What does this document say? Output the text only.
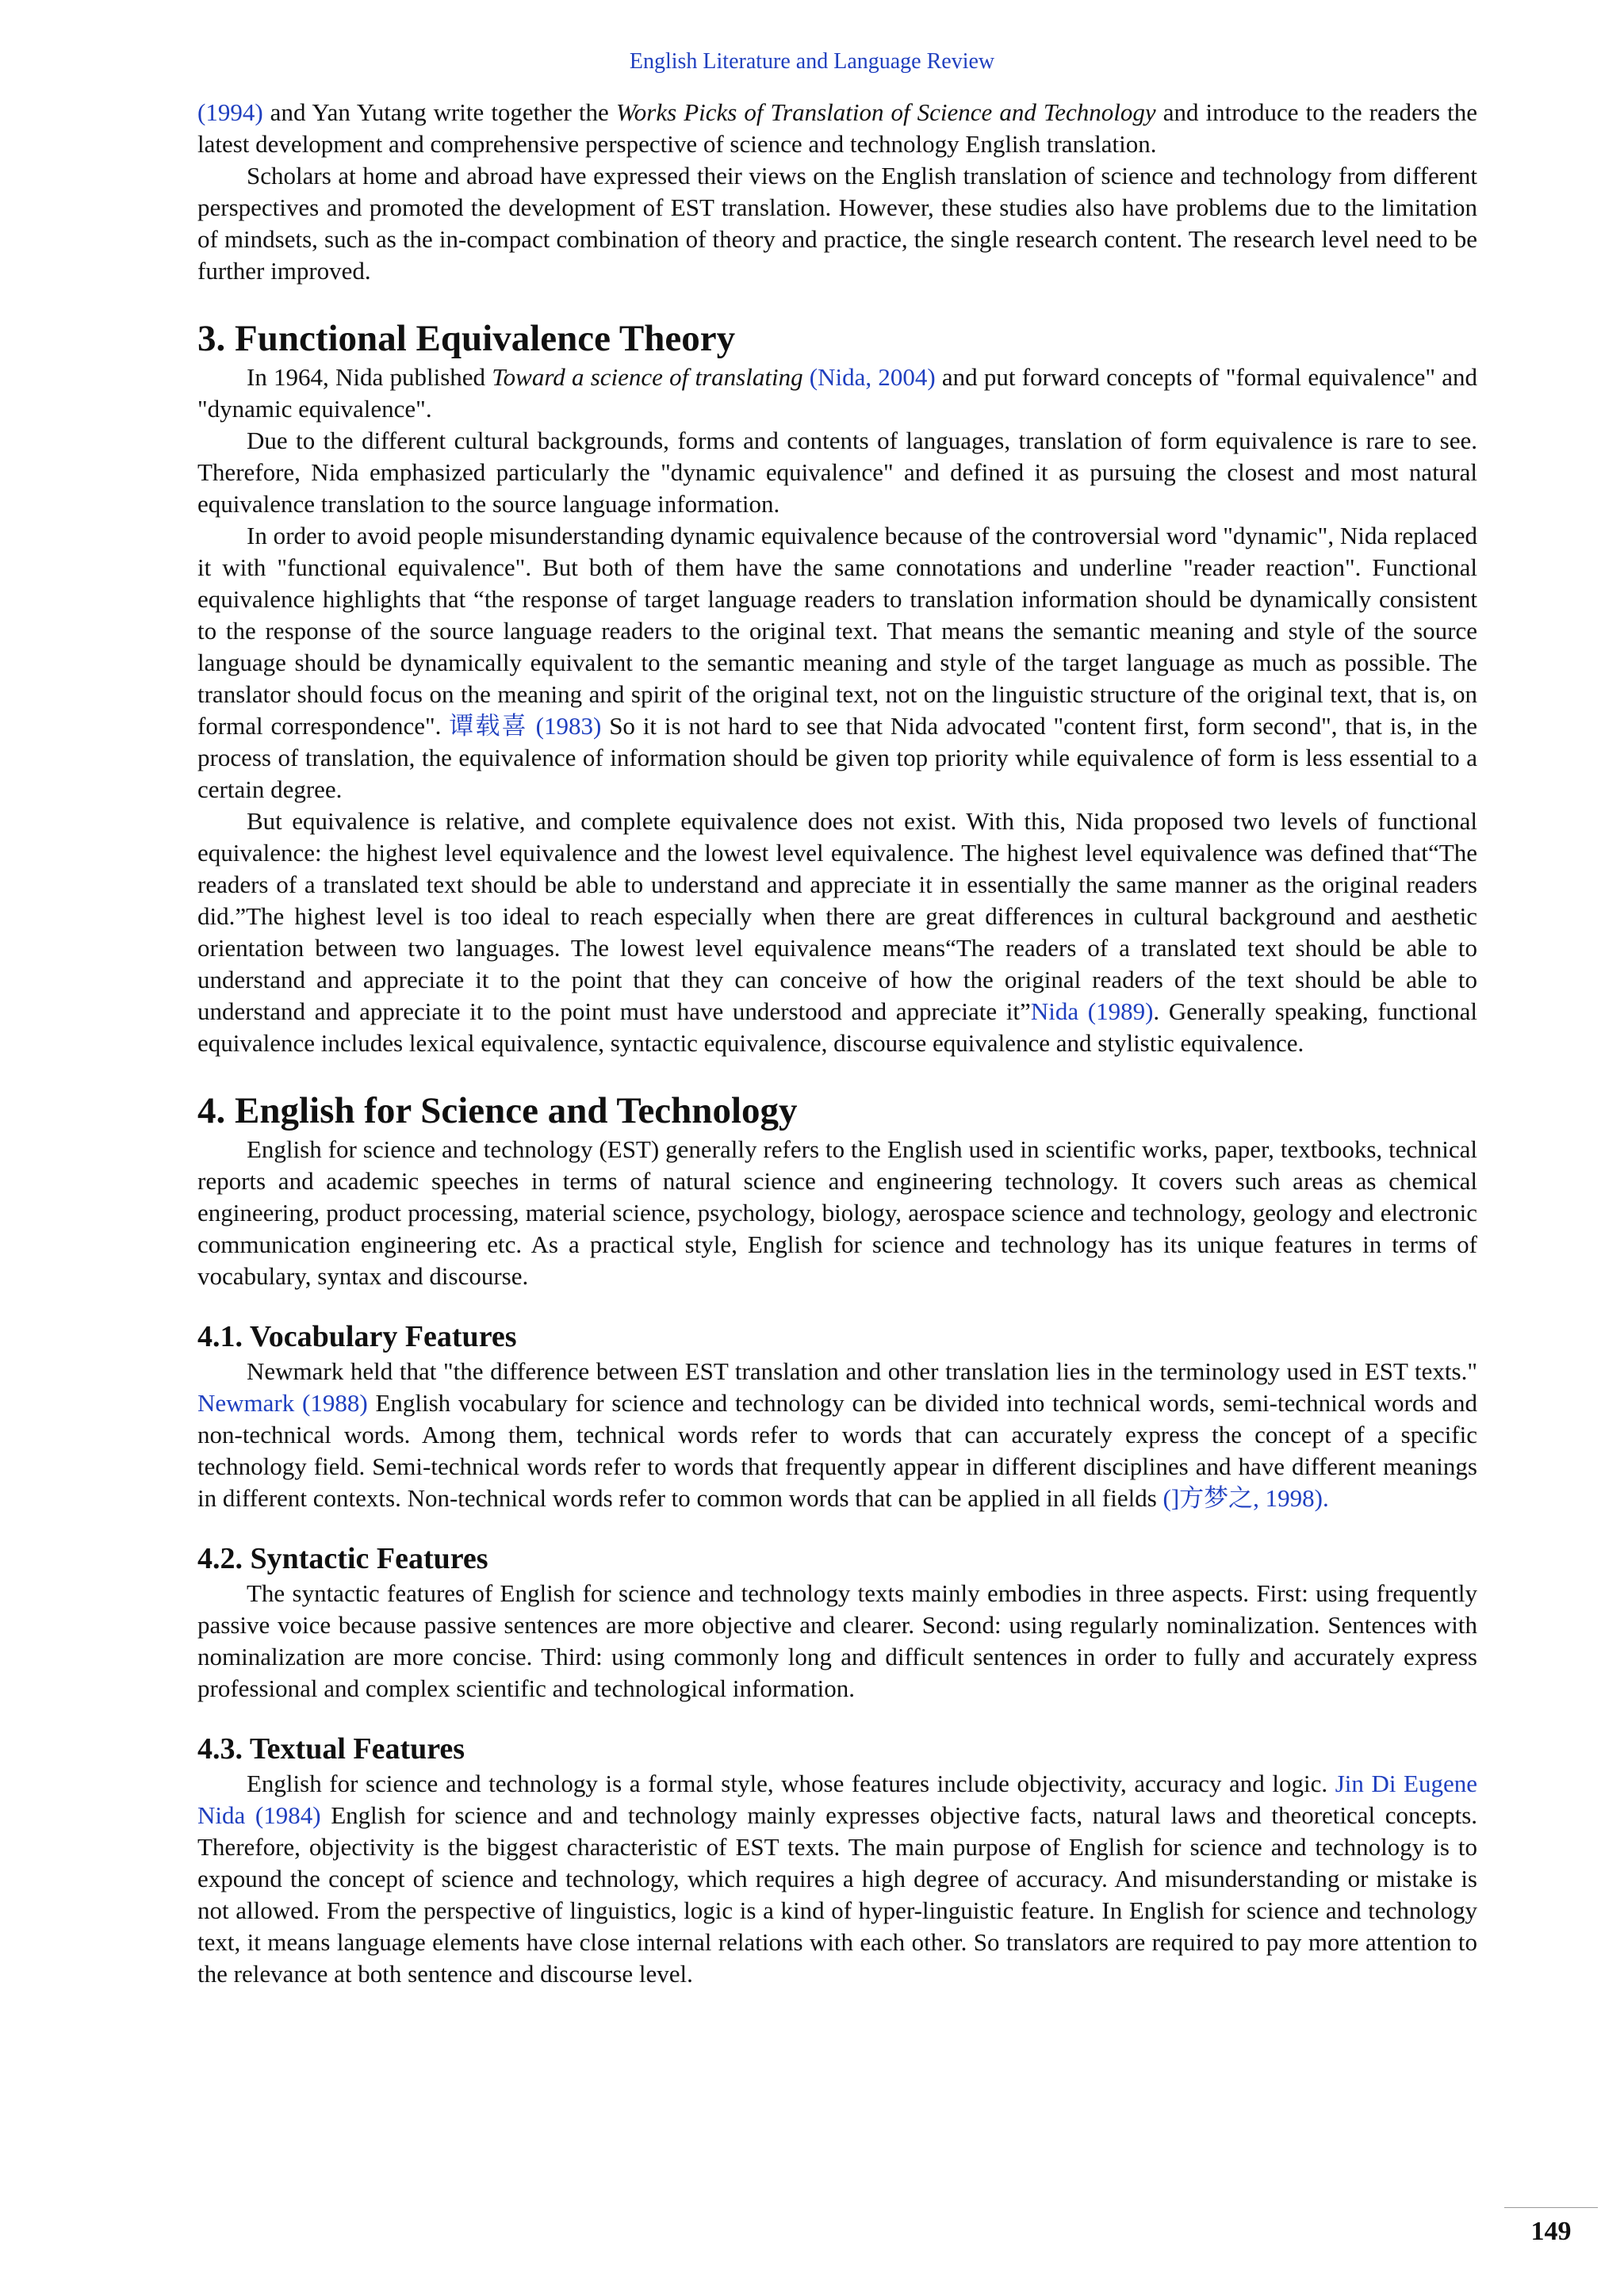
English Literature and Language Review

(1994) and Yan Yutang write together the Works Picks of Translation of Science and Technology and introduce to the readers the latest development and comprehensive perspective of science and technology English translation.

Scholars at home and abroad have expressed their views on the English translation of science and technology from different perspectives and promoted the development of EST translation. However, these studies also have problems due to the limitation of mindsets, such as the in-compact combination of theory and practice, the single research content. The research level need to be further improved.

3. Functional Equivalence Theory

In 1964, Nida published Toward a science of translating (Nida, 2004) and put forward concepts of "formal equivalence" and "dynamic equivalence".

Due to the different cultural backgrounds, forms and contents of languages, translation of form equivalence is rare to see. Therefore, Nida emphasized particularly the "dynamic equivalence" and defined it as pursuing the closest and most natural equivalence translation to the source language information.

In order to avoid people misunderstanding dynamic equivalence because of the controversial word "dynamic", Nida replaced it with "functional equivalence". But both of them have the same connotations and underline "reader reaction". Functional equivalence highlights that “the response of target language readers to translation information should be dynamically consistent to the response of the source language readers to the original text. That means the semantic meaning and style of the source language should be dynamically equivalent to the semantic meaning and style of the target language as much as possible. The translator should focus on the meaning and spirit of the original text, not on the linguistic structure of the original text, that is, on formal correspondence". 谭载喜 (1983) So it is not hard to see that Nida advocated "content first, form second", that is, in the process of translation, the equivalence of information should be given top priority while equivalence of form is less essential to a certain degree.

But equivalence is relative, and complete equivalence does not exist. With this, Nida proposed two levels of functional equivalence: the highest level equivalence and the lowest level equivalence. The highest level equivalence was defined that“The readers of a translated text should be able to understand and appreciate it in essentially the same manner as the original readers did.”The highest level is too ideal to reach especially when there are great differences in cultural background and aesthetic orientation between two languages. The lowest level equivalence means“The readers of a translated text should be able to understand and appreciate it to the point that they can conceive of how the original readers of the text should be able to understand and appreciate it to the point must have understood and appreciate it”Nida (1989). Generally speaking, functional equivalence includes lexical equivalence, syntactic equivalence, discourse equivalence and stylistic equivalence.

4. English for Science and Technology

English for science and technology (EST) generally refers to the English used in scientific works, paper, textbooks, technical reports and academic speeches in terms of natural science and engineering technology. It covers such areas as chemical engineering, product processing, material science, psychology, biology, aerospace science and technology, geology and electronic communication engineering etc. As a practical style, English for science and technology has its unique features in terms of vocabulary, syntax and discourse.

4.1. Vocabulary Features

Newmark held that "the difference between EST translation and other translation lies in the terminology used in EST texts." Newmark (1988) English vocabulary for science and technology can be divided into technical words, semi-technical words and non-technical words. Among them, technical words refer to words that can accurately express the concept of a specific technology field. Semi-technical words refer to words that frequently appear in different disciplines and have different meanings in different contexts. Non-technical words refer to common words that can be applied in all fields (]方梦之, 1998).

4.2. Syntactic Features

The syntactic features of English for science and technology texts mainly embodies in three aspects. First: using frequently passive voice because passive sentences are more objective and clearer. Second: using regularly nominalization. Sentences with nominalization are more concise. Third: using commonly long and difficult sentences in order to fully and accurately express professional and complex scientific and technological information.

4.3. Textual Features

English for science and technology is a formal style, whose features include objectivity, accuracy and logic. Jin Di Eugene Nida (1984) English for science and and technology mainly expresses objective facts, natural laws and theoretical concepts. Therefore, objectivity is the biggest characteristic of EST texts. The main purpose of English for science and technology is to expound the concept of science and technology, which requires a high degree of accuracy. And misunderstanding or mistake is not allowed. From the perspective of linguistics, logic is a kind of hyper-linguistic feature. In English for science and technology text, it means language elements have close internal relations with each other. So translators are required to pay more attention to the relevance at both sentence and discourse level.

149
